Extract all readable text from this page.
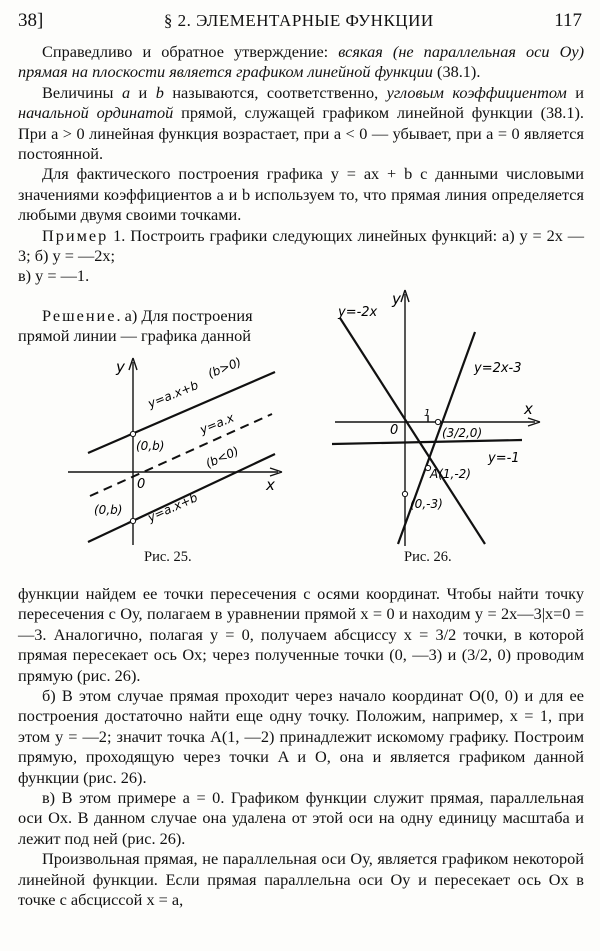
38]	§ 2. ЭЛЕМЕНТАРНЫЕ ФУНКЦИИ	117

Справедливо и обратное утверждение: всякая (не параллельная оси Оу) прямая на плоскости является графиком линейной функции (38.1).

Величины a и b называются, соответственно, угловым коэффициентом и начальной ординатой прямой, служащей графиком линейной функции (38.1). При a > 0 линейная функция возрастает, при a < 0 — убывает, при a = 0 является постоянной.

Для фактического построения графика y = ax + b с данными числовыми значениями коэффициентов a и b используем то, что прямая линия определяется любыми двумя своими точками.

Пример 1. Построить графики следующих линейных функций: а) y = 2x — 3; б) y = —2x;

в) y = —1.

Решение. а) Для построения

прямой линии — графика данной

y
x
0
y=a.x+b
(b>0)
y=a.x
(b<0)
y=a.x+b
(0,b)
(0,b)
Рис. 25.
y
x
0
1
y=-2x
y=2x-3
y=-1
(3/2,0)
A(1,-2)
(0,-3)
Рис. 26.

функции найдем ее точки пересечения с осями координат. Чтобы найти точку пересечения с Оу, полагаем в уравнении прямой x = 0 и находим y = 2x—3|x=0 = —3. Аналогично, полагая y = 0, получаем абсциссу x = 3/2 точки, в которой прямая пересекает ось Ох; через полученные точки (0, —3) и (3/2, 0) проводим прямую (рис. 26).

б) В этом случае прямая проходит через начало координат O(0, 0) и для ее построения достаточно найти еще одну точку. Положим, например, x = 1, при этом y = —2; значит точка A(1, —2) принадлежит искомому графику. Построим прямую, проходящую через точки A и O, она и является графиком данной функции (рис. 26).

в) В этом примере a = 0. Графиком функции служит прямая, параллельная оси Ох. В данном случае она удалена от этой оси на одну единицу масштаба и лежит под ней (рис. 26).

Произвольная прямая, не параллельная оси Оу, является графиком некоторой линейной функции. Если прямая параллельна оси Оу и пересекает ось Ох в точке с абсциссой x = a,
